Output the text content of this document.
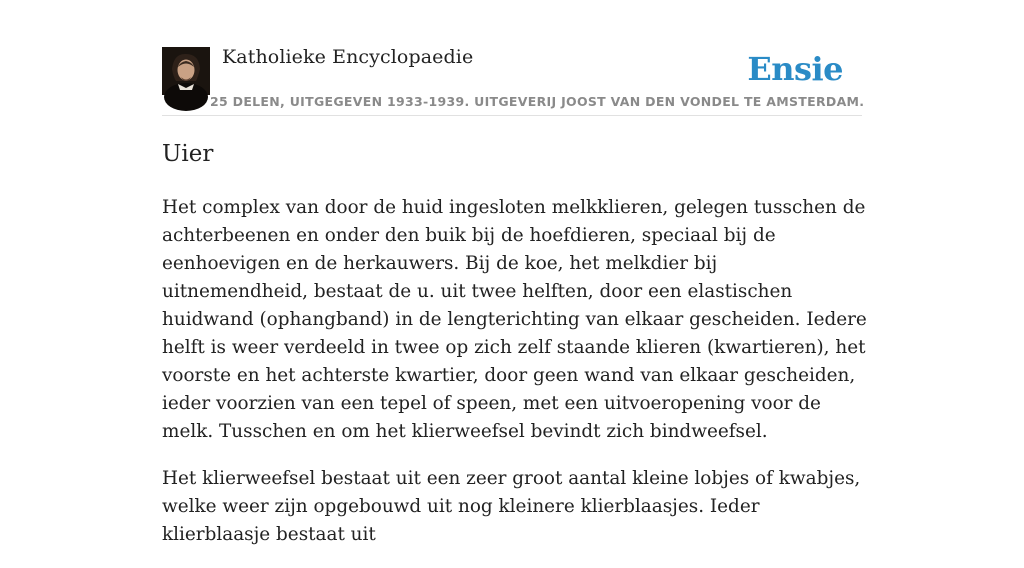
Katholieke Encyclopaedie
25 DELEN, UITGEGEVEN 1933-1939. UITGEVERIJ JOOST VAN DEN VONDEL TE AMSTERDAM.
Ensie
Uier

Het complex van door de huid ingesloten melkklieren, gelegen tusschen de achterbeenen en onder den buik bij de hoefdieren, speciaal bij de eenhoevigen en de herkauwers. Bij de koe, het melkdier bij uitnemendheid, bestaat de u. uit twee helften, door een elastischen huidwand (ophangband) in de lengterichting van elkaar gescheiden. Iedere helft is weer verdeeld in twee op zich zelf staande klieren (kwartieren), het voorste en het achterste kwartier, door geen wand van elkaar gescheiden, ieder voorzien van een tepel of speen, met een uitvoeropening voor de melk. Tusschen en om het klierweefsel bevindt zich bindweefsel.

Het klierweefsel bestaat uit een zeer groot aantal kleine lobjes of kwabjes, welke weer zijn opgebouwd uit nog kleinere klierblaasjes. Ieder klierblaasje bestaat uit
